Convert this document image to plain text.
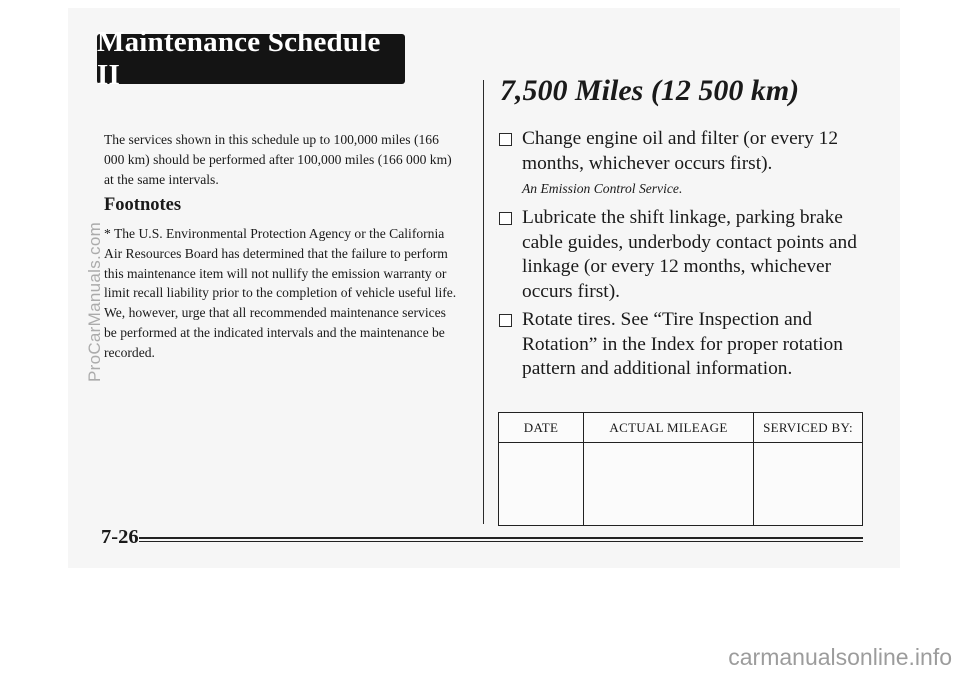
Maintenance Schedule II

The services shown in this schedule up to 100,000 miles (166 000 km) should be performed after 100,000 miles (166 000 km) at the same intervals.

Footnotes

* The U.S. Environmental Protection Agency or the California Air Resources Board has determined that the failure to perform this maintenance item will not nullify the emission warranty or limit recall liability prior to the completion of vehicle useful life. We, however, urge that all recommended maintenance services be performed at the indicated intervals and the maintenance be recorded.

7,500 Miles (12 500 km)
Change engine oil and filter (or every 12 months, whichever occurs first).
An Emission Control Service.
Lubricate the shift linkage, parking brake cable guides, underbody contact points and linkage (or every 12 months, whichever occurs first).
Rotate tires. See “Tire Inspection and Rotation” in the Index for proper rotation pattern and additional information.
DATE	ACTUAL MILEAGE	SERVICED BY:

7-26
ProCarManuals.com
carmanualsonline.info
